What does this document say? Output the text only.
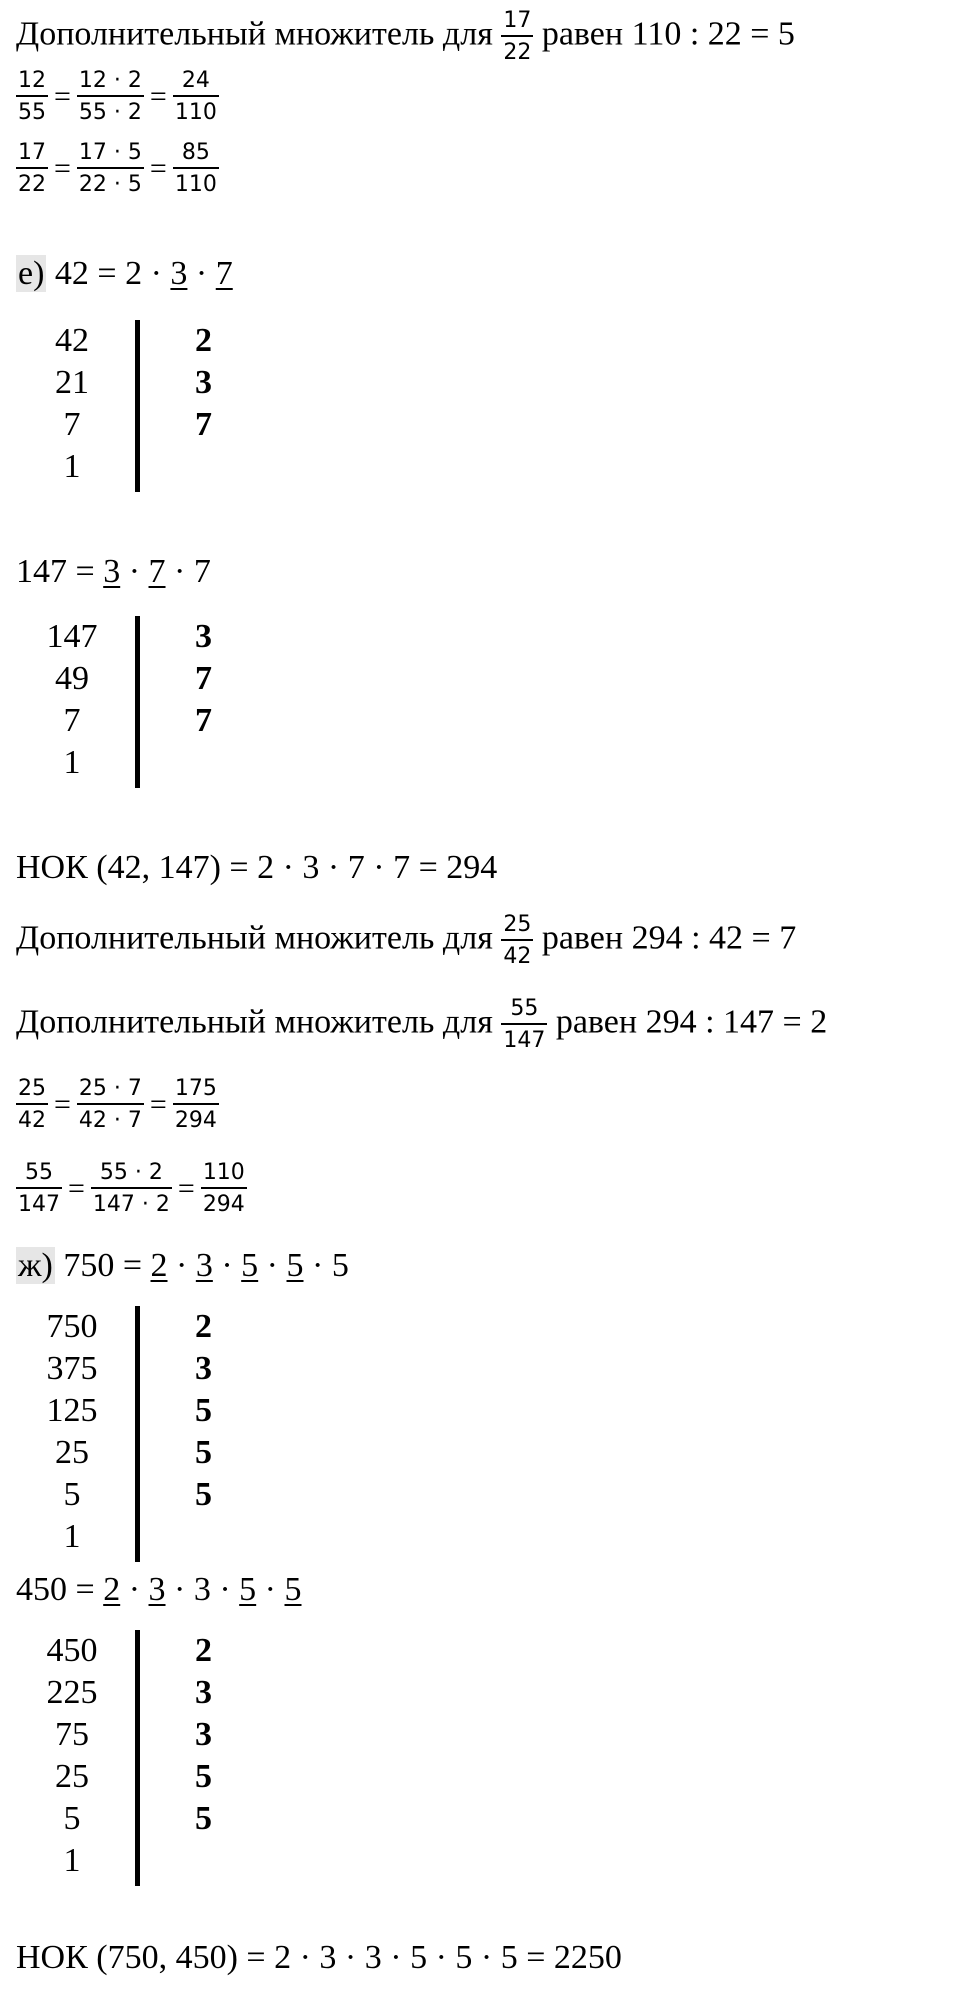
Дополнительный множитель для $\frac{17}{22}$ равен 110 : 22 = 5
$\frac{12}{55} = \frac{12 \cdot 2}{55 \cdot 2} = \frac{24}{110}$
$\frac{17}{22} = \frac{17 \cdot 5}{22 \cdot 5} = \frac{85}{110}$
е) 42 = 2 · 3 · 7
42	2
21	3
7	7
1
147 = 3 · 7 · 7
147	3
49	7
7	7
1
НОК (42, 147) = 2 · 3 · 7 · 7 = 294
Дополнительный множитель для $\frac{25}{42}$ равен 294 : 42 = 7
Дополнительный множитель для $\frac{55}{147}$ равен 294 : 147 = 2
$\frac{25}{42} = \frac{25 \cdot 7}{42 \cdot 7} = \frac{175}{294}$
$\frac{55}{147} = \frac{55 \cdot 2}{147 \cdot 2} = \frac{110}{294}$
ж) 750 = 2 · 3 · 5 · 5 · 5
750	2
375	3
125	5
25	5
5	5
1
450 = 2 · 3 · 3 · 5 · 5
450	2
225	3
75	3
25	5
5	5
1
НОК (750, 450) = 2 · 3 · 3 · 5 · 5 · 5 = 2250
